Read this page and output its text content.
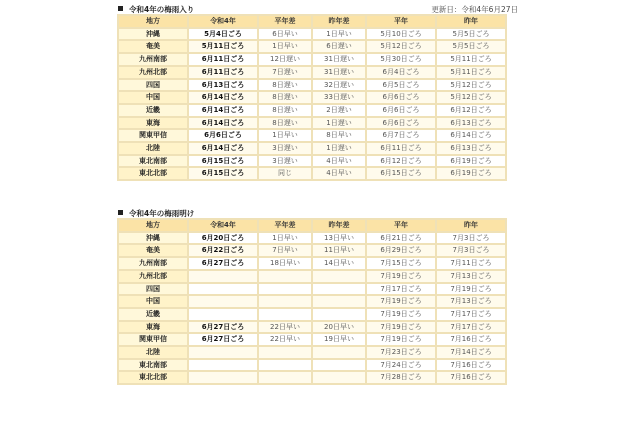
令和4年の梅雨入り	更新日：令和4年6月27日
地方	令和4年	平年差	昨年差	平年	昨年
沖縄	5月4日ごろ	6日早い	1日早い	5月10日ごろ	5月5日ごろ
奄美	5月11日ごろ	1日早い	6日遅い	5月12日ごろ	5月5日ごろ
九州南部	6月11日ごろ	12日遅い	31日遅い	5月30日ごろ	5月11日ごろ
九州北部	6月11日ごろ	7日遅い	31日遅い	6月4日ごろ	5月11日ごろ
四国	6月13日ごろ	8日遅い	32日遅い	6月5日ごろ	5月12日ごろ
中国	6月14日ごろ	8日遅い	33日遅い	6月6日ごろ	5月12日ごろ
近畿	6月14日ごろ	8日遅い	2日遅い	6月6日ごろ	6月12日ごろ
東海	6月14日ごろ	8日遅い	1日遅い	6月6日ごろ	6月13日ごろ
関東甲信	6月6日ごろ	1日早い	8日早い	6月7日ごろ	6月14日ごろ
北陸	6月14日ごろ	3日遅い	1日遅い	6月11日ごろ	6月13日ごろ
東北南部	6月15日ごろ	3日遅い	4日早い	6月12日ごろ	6月19日ごろ
東北北部	6月15日ごろ	同じ	4日早い	6月15日ごろ	6月19日ごろ
令和4年の梅雨明け
地方	令和4年	平年差	昨年差	平年	昨年
沖縄	6月20日ごろ	1日早い	13日早い	6月21日ごろ	7月3日ごろ
奄美	6月22日ごろ	7日早い	11日早い	6月29日ごろ	7月3日ごろ
九州南部	6月27日ごろ	18日早い	14日早い	7月15日ごろ	7月11日ごろ
九州北部				7月19日ごろ	7月13日ごろ
四国				7月17日ごろ	7月19日ごろ
中国				7月19日ごろ	7月13日ごろ
近畿				7月19日ごろ	7月17日ごろ
東海	6月27日ごろ	22日早い	20日早い	7月19日ごろ	7月17日ごろ
関東甲信	6月27日ごろ	22日早い	19日早い	7月19日ごろ	7月16日ごろ
北陸				7月23日ごろ	7月14日ごろ
東北南部				7月24日ごろ	7月16日ごろ
東北北部				7月28日ごろ	7月16日ごろ
